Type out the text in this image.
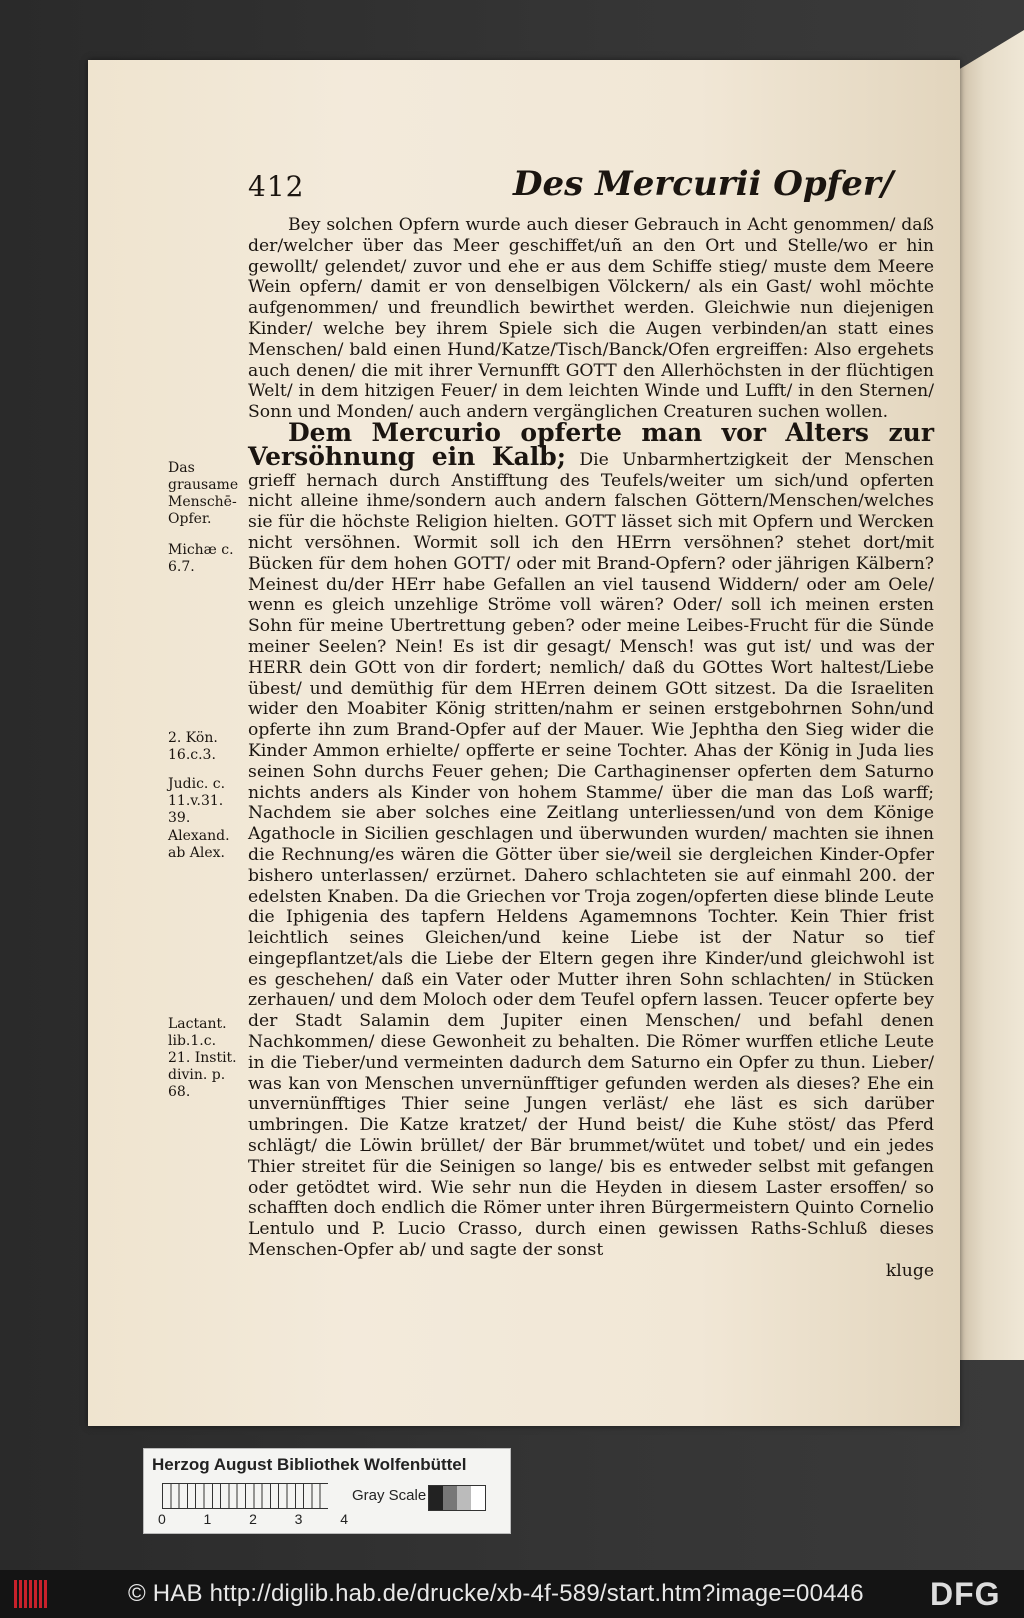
412	Des Mercurii Opfer/

Bey solchen Opfern wurde auch dieser Gebrauch in Acht genommen/ daß der/welcher über das Meer geschiffet/uñ an den Ort und Stelle/wo er hin gewollt/ gelendet/ zuvor und ehe er aus dem Schiffe stieg/ muste dem Meere Wein opfern/ damit er von denselbigen Völckern/ als ein Gast/ wohl möchte aufgenommen/ und freundlich bewirthet werden. Gleichwie nun diejenigen Kinder/ welche bey ihrem Spiele sich die Augen verbinden/an statt eines Menschen/ bald einen Hund/Katze/Tisch/Banck/Ofen ergreiffen: Also ergehets auch denen/ die mit ihrer Vernunfft GOTT den Allerhöchsten in der flüchtigen Welt/ in dem hitzigen Feuer/ in dem leichten Winde und Lufft/ in den Sternen/ Sonn und Monden/ auch andern vergänglichen Creaturen suchen wollen.

Dem Mercurio opferte man vor Alters zur Versöhnung ein Kalb; Die Unbarmhertzigkeit der Menschen grieff hernach durch Anstifftung des Teufels/weiter um sich/und opferten nicht alleine ihme/sondern auch andern falschen Göttern/Menschen/welches sie für die höchste Religion hielten. GOTT lässet sich mit Opfern und Wercken nicht versöhnen. Wormit soll ich den HErrn versöhnen? stehet dort/mit Bücken für dem hohen GOTT/ oder mit Brand-Opfern? oder jährigen Kälbern? Meinest du/der HErr habe Gefallen an viel tausend Widdern/ oder am Oele/ wenn es gleich unzehlige Ströme voll wären? Oder/ soll ich meinen ersten Sohn für meine Ubertrettung geben? oder meine Leibes-Frucht für die Sünde meiner Seelen? Nein! Es ist dir gesagt/ Mensch! was gut ist/ und was der HERR dein GOtt von dir fordert; nemlich/ daß du GOttes Wort haltest/Liebe übest/ und demüthig für dem HErren deinem GOtt sitzest. Da die Israeliten wider den Moabiter König stritten/nahm er seinen erstgebohrnen Sohn/und opferte ihn zum Brand-Opfer auf der Mauer. Wie Jephtha den Sieg wider die Kinder Ammon erhielte/ opfferte er seine Tochter. Ahas der König in Juda lies seinen Sohn durchs Feuer gehen; Die Carthaginenser opferten dem Saturno nichts anders als Kinder von hohem Stamme/ über die man das Loß warff; Nachdem sie aber solches eine Zeitlang unterliessen/und von dem Könige Agathocle in Sicilien geschlagen und überwunden wurden/ machten sie ihnen die Rechnung/es wären die Götter über sie/weil sie dergleichen Kinder-Opfer bishero unterlassen/ erzürnet. Dahero schlachteten sie auf einmahl 200. der edelsten Knaben. Da die Griechen vor Troja zogen/opferten diese blinde Leute die Iphigenia des tapfern Heldens Agamemnons Tochter. Kein Thier frist leichtlich seines Gleichen/und keine Liebe ist der Natur so tief eingepflantzet/als die Liebe der Eltern gegen ihre Kinder/und gleichwohl ist es geschehen/ daß ein Vater oder Mutter ihren Sohn schlachten/ in Stücken zerhauen/ und dem Moloch oder dem Teufel opfern lassen. Teucer opferte bey der Stadt Salamin dem Jupiter einen Menschen/ und befahl denen Nachkommen/ diese Gewonheit zu behalten. Die Römer wurffen etliche Leute in die Tieber/und vermeinten dadurch dem Saturno ein Opfer zu thun. Lieber/ was kan von Menschen unvernünfftiger gefunden werden als dieses? Ehe ein unvernünfftiges Thier seine Jungen verläst/ ehe läst es sich darüber umbringen. Die Katze kratzet/ der Hund beist/ die Kuhe stöst/ das Pferd schlägt/ die Löwin brüllet/ der Bär brummet/wütet und tobet/ und ein jedes Thier streitet für die Seinigen so lange/ bis es entweder selbst mit gefangen oder getödtet wird. Wie sehr nun die Heyden in diesem Laster ersoffen/ so schafften doch endlich die Römer unter ihren Bürgermeistern Quinto Cornelio Lentulo und P. Lucio Crasso, durch einen gewissen Raths-Schluß dieses Menschen-Opfer ab/ und sagte der sonst

kluge

Das grausame Menschē-Opfer.

Michæ c. 6.7.

2. Kön. 16.c.3.

Judic. c. 11.v.31. 39.

Alexand. ab Alex.

Lactant. lib.1.c. 21. Instit. divin. p. 68.

Herzog August Bibliothek Wolfenbüttel
0	1	2	3	4
Gray Scale
© HAB http://diglib.hab.de/drucke/xb-4f-589/start.htm?image=00446 DFG
